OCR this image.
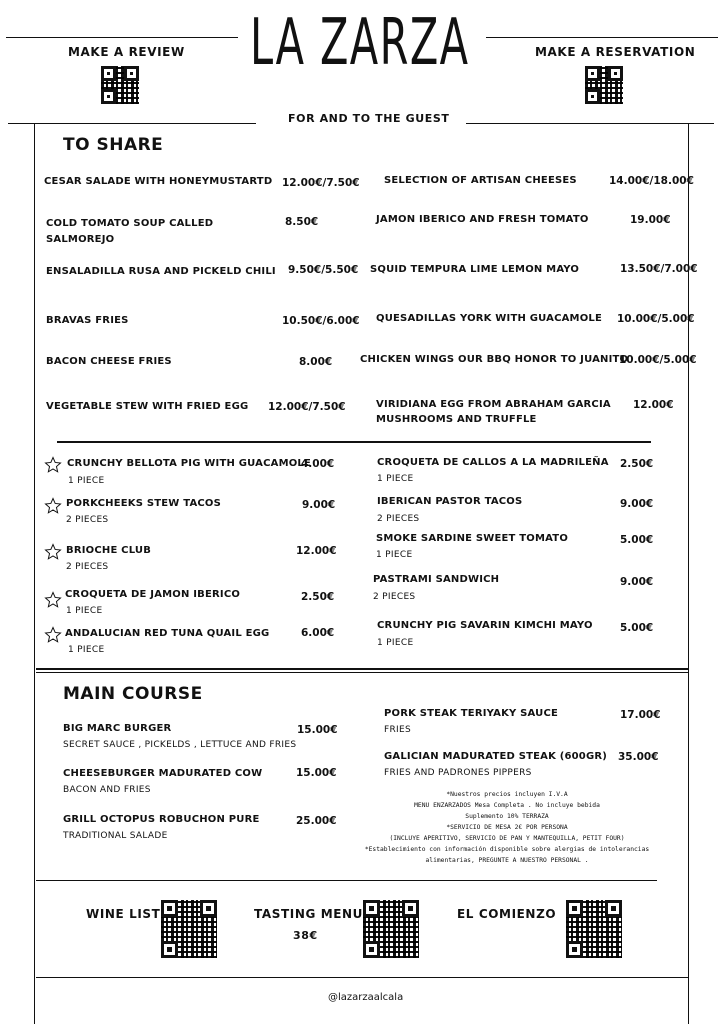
MAKE A REVIEW LA ZARZA	MAKE A RESERVATION
FOR AND TO THE GUEST
TO SHARE
CESAR SALADE WITH HONEYMUSTARTD 12.00€/7.50€
COLD TOMATO SOUP CALLED
SALMOREJO
8.50€
ENSALADILLA RUSA AND PICKELD CHILI 9.50€/5.50€
BRAVAS FRIES	10.50€/6.00€
BACON CHEESE FRIES	8.00€
VEGETABLE STEW WITH FRIED EGG 12.00€/7.50€
SELECTION OF ARTISAN CHEESES	14.00€/18.00€
JAMON IBERICO AND FRESH TOMATO	19.00€
SQUID TEMPURA LIME LEMON MAYO	13.50€/7.00€
QUESADILLAS YORK WITH GUACAMOLE 10.00€/5.00€
CHICKEN WINGS OUR BBQ HONOR TO JUANITO
10.00€/5.00€
VIRIDIANA EGG FROM ABRAHAM GARCIA
MUSHROOMS AND TRUFFLE
12.00€
CRUNCHY BELLOTA PIG WITH GUACAMOLE
1 PIECE
4.00€
PORKCHEEKS STEW TACOS
2 PIECES
9.00€
BRIOCHE CLUB
2 PIECES
12.00€
CROQUETA DE JAMON IBERICO
1 PIECE
2.50€
ANDALUCIAN RED TUNA QUAIL EGG
1 PIECE
6.00€
CROQUETA DE CALLOS A LA MADRILEÑA
1 PIECE
2.50€
IBERICAN PASTOR TACOS
2 PIECES
9.00€
SMOKE SARDINE SWEET TOMATO
1 PIECE
5.00€
PASTRAMI SANDWICH
2 PIECES
9.00€
CRUNCHY PIG SAVARIN KIMCHI MAYO
1 PIECE
5.00€
MAIN COURSE
BIG MARC BURGER
SECRET SAUCE , PICKELDS , LETTUCE AND FRIES
15.00€
CHEESEBURGER MADURATED COW
BACON AND FRIES
15.00€
GRILL OCTOPUS ROBUCHON PURE
TRADITIONAL SALADE
25.00€
PORK STEAK TERIYAKY SAUCE
FRIES
17.00€
GALICIAN MADURATED STEAK (600GR)
FRIES AND PADRONES PIPPERS
35.00€
*Nuestros precios incluyen I.V.A
MENU ENZARZADOS Mesa Completa . No incluye bebida
Suplemento 10% TERRAZA
*SERVICIO DE MESA 2€ POR PERSONA
(INCLUYE APERITIVO, SERVICIO DE PAN Y MANTEQUILLA, PETIT FOUR)
*Establecimiento con información disponible sobre alergias de intolerancias
alimentarias, PREGUNTE A NUESTRO PERSONAL .
WINE LIST	TASTING MENU
38€
EL COMIENZO
@lazarzaalcala
